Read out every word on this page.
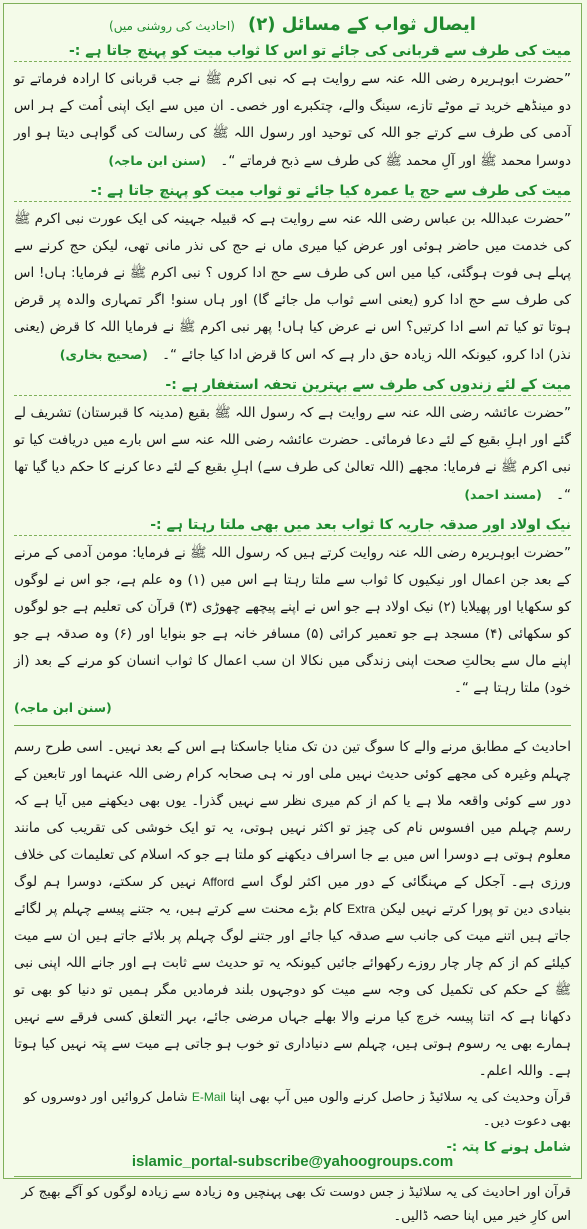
ایصال ثواب کے مسائل (۲) (احادیث کی روشنی میں)
میت کی طرف سے قربانی کی جائے تو اس کا ثواب میت کو پہنچ جاتا ہے :-

”حضرت ابوہریرہ رضی اللہ عنہ سے روایت ہے کہ نبی اکرم ﷺ نے جب قربانی کا ارادہ فرماتے تو دو مینڈھے خرید تے موٹے تازے، سینگ والے، چتکبرے اور خصی۔ ان میں سے ایک اپنی اُمت کے ہر اس آدمی کی طرف سے کرتے جو اللہ کی توحید اور رسول اللہ ﷺ کی رسالت کی گواہی دیتا ہو اور دوسرا محمد ﷺ اور آلِ محمد ﷺ کی طرف سے ذبح فرماتے “۔ (سنن ابن ماجہ)

میت کی طرف سے حج یا عمرہ کیا جائے تو ثواب میت کو پہنچ جاتا ہے :-

”حضرت عبداللہ بن عباس رضی اللہ عنہ سے روایت ہے کہ قبیلہ جہینہ کی ایک عورت نبی اکرم ﷺ کی خدمت میں حاضر ہوئی اور عرض کیا میری ماں نے حج کی نذر مانی تھی، لیکن حج کرنے سے پہلے ہی فوت ہوگئی، کیا میں اس کی طرف سے حج ادا کروں ؟ نبی اکرم ﷺ نے فرمایا: ہاں! اس کی طرف سے حج ادا کرو (یعنی اسے ثواب مل جائے گا) اور ہاں سنو! اگر تمہاری والدہ پر قرض ہوتا تو کیا تم اسے ادا کرتیں؟ اس نے عرض کیا ہاں! پھر نبی اکرم ﷺ نے فرمایا اللہ کا قرض (یعنی نذر) ادا کرو، کیونکہ اللہ زیادہ حق دار ہے کہ اس کا قرض ادا کیا جائے “۔ (صحیح بخاری)

میت کے لئے زندوں کی طرف سے بہترین تحفہ استغفار ہے :-

”حضرت عائشہ رضی اللہ عنہ سے روایت ہے کہ رسول اللہ ﷺ بقیع (مدینہ کا قبرستان) تشریف لے گئے اور اہلِ بقیع کے لئے دعا فرمائی۔ حضرت عائشہ رضی اللہ عنہ سے اس بارے میں دریافت کیا تو نبی اکرم ﷺ نے فرمایا: مجھے (اللہ تعالیٰ کی طرف سے) اہلِ بقیع کے لئے دعا کرنے کا حکم دیا گیا تھا “۔ (مسند احمد)

نیک اولاد اور صدقہ جاریہ کا ثواب بعد میں بھی ملتا رہتا ہے :-

”حضرت ابوہریرہ رضی اللہ عنہ روایت کرتے ہیں کہ رسول اللہ ﷺ نے فرمایا: مومن آدمی کے مرنے کے بعد جن اعمال اور نیکیوں کا ثواب سے ملتا رہتا ہے اس میں (۱) وہ علم ہے، جو اس نے لوگوں کو سکھایا اور پھیلایا (۲) نیک اولاد ہے جو اس نے اپنے پیچھے چھوڑی (۳) قرآن کی تعلیم ہے جو لوگوں کو سکھائی (۴) مسجد ہے جو تعمیر کرائی (۵) مسافر خانہ ہے جو بنوایا اور (۶) وہ صدقہ ہے جو اپنے مال سے بحالتِ صحت اپنی زندگی میں نکالا ان سب اعمال کا ثواب انسان کو مرنے کے بعد (از خود) ملتا رہتا ہے “۔

(سنن ابن ماجہ)

احادیث کے مطابق مرنے والے کا سوگ تین دن تک منایا جاسکتا ہے اس کے بعد نہیں۔ اسی طرح رسم چہلم وغیرہ کی مجھے کوئی حدیث نہیں ملی اور نہ ہی صحابہ کرام رضی اللہ عنہما اور تابعین کے دور سے کوئی واقعہ ملا ہے یا کم از کم میری نظر سے نہیں گذرا۔ یوں بھی دیکھنے میں آیا ہے کہ رسم چہلم میں افسوس نام کی چیز تو اکثر نہیں ہوتی، یہ تو ایک خوشی کی تقریب کی مانند معلوم ہوتی ہے دوسرا اس میں بے جا اسراف دیکھنے کو ملتا ہے جو کہ اسلام کی تعلیمات کی خلاف ورزی ہے۔ آجکل کے مہنگائی کے دور میں اکثر لوگ اسے Afford نہیں کر سکتے، دوسرا ہم لوگ بنیادی دین تو پورا کرتے نہیں لیکن Extra کام بڑے محنت سے کرتے ہیں، یہ جتنے پیسے چہلم پر لگائے جاتے ہیں اتنے میت کی جانب سے صدقہ کیا جائے اور جتنے لوگ چہلم پر بلائے جاتے ہیں ان سے میت کیلئے کم از کم چار چار روزے رکھوائے جائیں کیونکہ یہ تو حدیث سے ثابت ہے اور جانے اللہ اپنی نبی ﷺ کے حکم کی تکمیل کی وجہ سے میت کو دوجہوں بلند فرمادیں مگر ہمیں تو دنیا کو بھی تو دکھانا ہے کہ اتنا پیسہ خرچ کیا مرنے والا بھلے جہاں مرضی جائے، بہر التعلق کسی فرقے سے نہیں ہمارے بھی یہ رسوم ہوتی ہیں، چہلم سے دنیاداری تو خوب ہو جاتی ہے میت سے پتہ نہیں کیا ہوتا ہے۔ واللہ اعلم۔

قرآن وحدیث کی یہ سلائیڈ ز حاصل کرنے والوں میں آپ بھی اپنا E-Mail شامل کروائیں اور دوسروں کو بھی دعوت دیں۔

شامل ہونے کا پتہ :-
islamic_portal-subscribe@yahoogroups.com

قرآن اور احادیث کی یہ سلائیڈ ز جس دوست تک بھی پہنچیں وہ زیادہ سے زیادہ لوگوں کو آگے بھیج کر اس کارِ خیر میں اپنا حصہ ڈالیں۔
